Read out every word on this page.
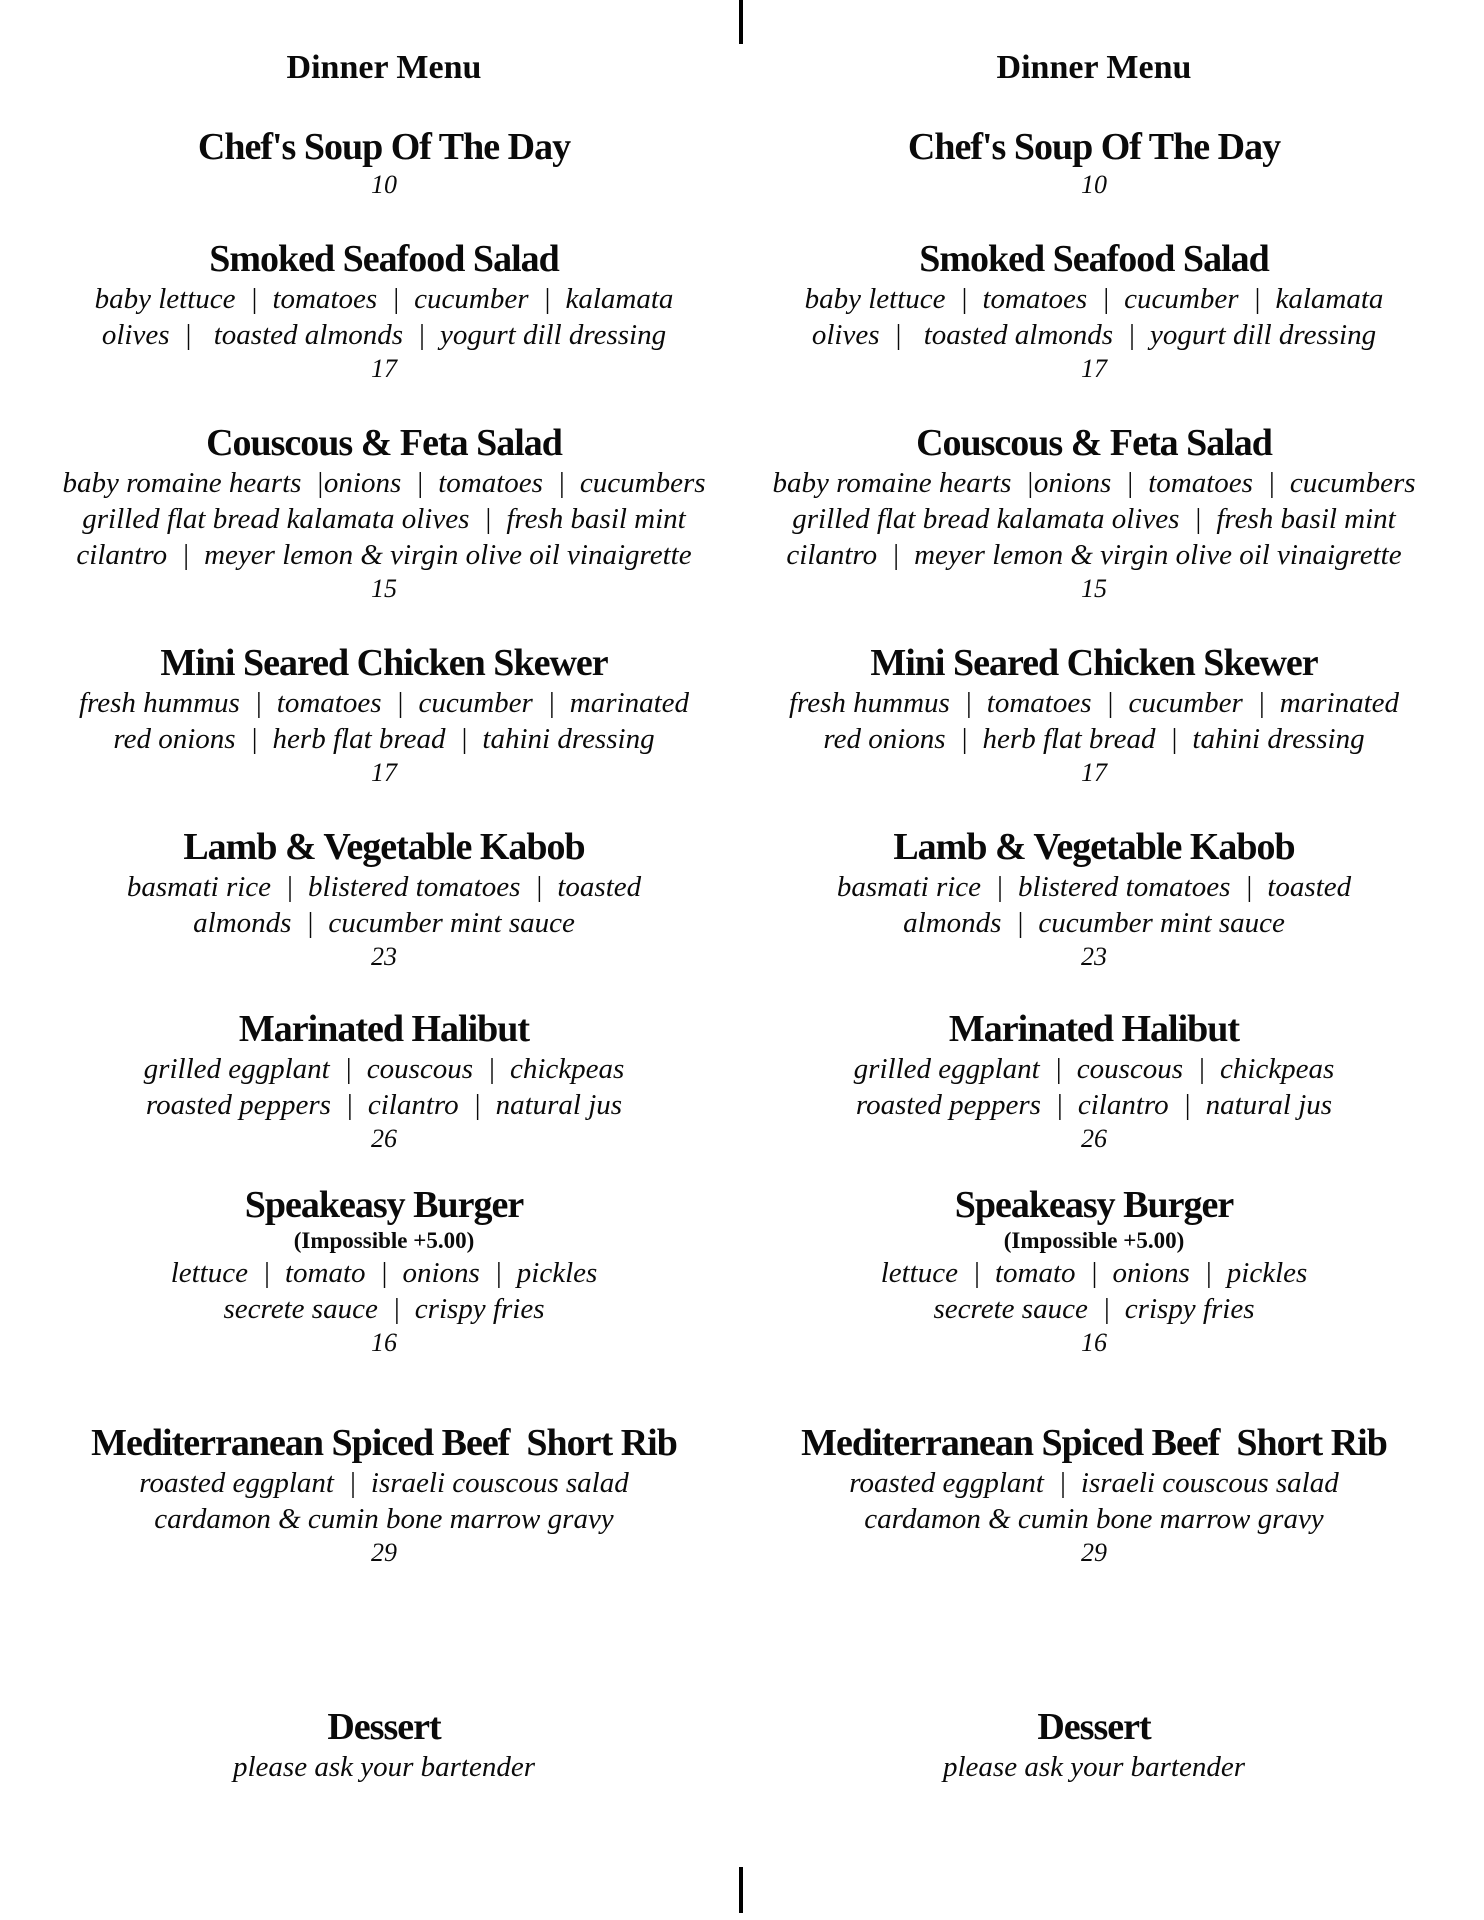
Dinner Menu
Chef's Soup Of The Day
10
Smoked Seafood Salad
baby lettuce  |  tomatoes  |  cucumber  |  kalamata
olives  |   toasted almonds  |  yogurt dill dressing
17
Couscous & Feta Salad
baby romaine hearts  |onions  |  tomatoes  |  cucumbers
grilled flat bread kalamata olives  |  fresh basil mint
cilantro  |  meyer lemon & virgin olive oil vinaigrette
15
Mini Seared Chicken Skewer
fresh hummus  |  tomatoes  |  cucumber  |  marinated
red onions  |  herb flat bread  |  tahini dressing
17
Lamb & Vegetable Kabob
basmati rice  |  blistered tomatoes  |  toasted
almonds  |  cucumber mint sauce
23
Marinated Halibut
grilled eggplant  |  couscous  |  chickpeas
roasted peppers  |  cilantro  |  natural jus
26
Speakeasy Burger
(Impossible +5.00)
lettuce  |  tomato  |  onions  |  pickles
secrete sauce  |  crispy fries
16
Mediterranean Spiced Beef  Short Rib
roasted eggplant  |  israeli couscous salad
cardamon & cumin bone marrow gravy
29
Dessert
please ask your bartender
Dinner Menu
Chef's Soup Of The Day
10
Smoked Seafood Salad
baby lettuce  |  tomatoes  |  cucumber  |  kalamata
olives  |   toasted almonds  |  yogurt dill dressing
17
Couscous & Feta Salad
baby romaine hearts  |onions  |  tomatoes  |  cucumbers
grilled flat bread kalamata olives  |  fresh basil mint
cilantro  |  meyer lemon & virgin olive oil vinaigrette
15
Mini Seared Chicken Skewer
fresh hummus  |  tomatoes  |  cucumber  |  marinated
red onions  |  herb flat bread  |  tahini dressing
17
Lamb & Vegetable Kabob
basmati rice  |  blistered tomatoes  |  toasted
almonds  |  cucumber mint sauce
23
Marinated Halibut
grilled eggplant  |  couscous  |  chickpeas
roasted peppers  |  cilantro  |  natural jus
26
Speakeasy Burger
(Impossible +5.00)
lettuce  |  tomato  |  onions  |  pickles
secrete sauce  |  crispy fries
16
Mediterranean Spiced Beef  Short Rib
roasted eggplant  |  israeli couscous salad
cardamon & cumin bone marrow gravy
29
Dessert
please ask your bartender
